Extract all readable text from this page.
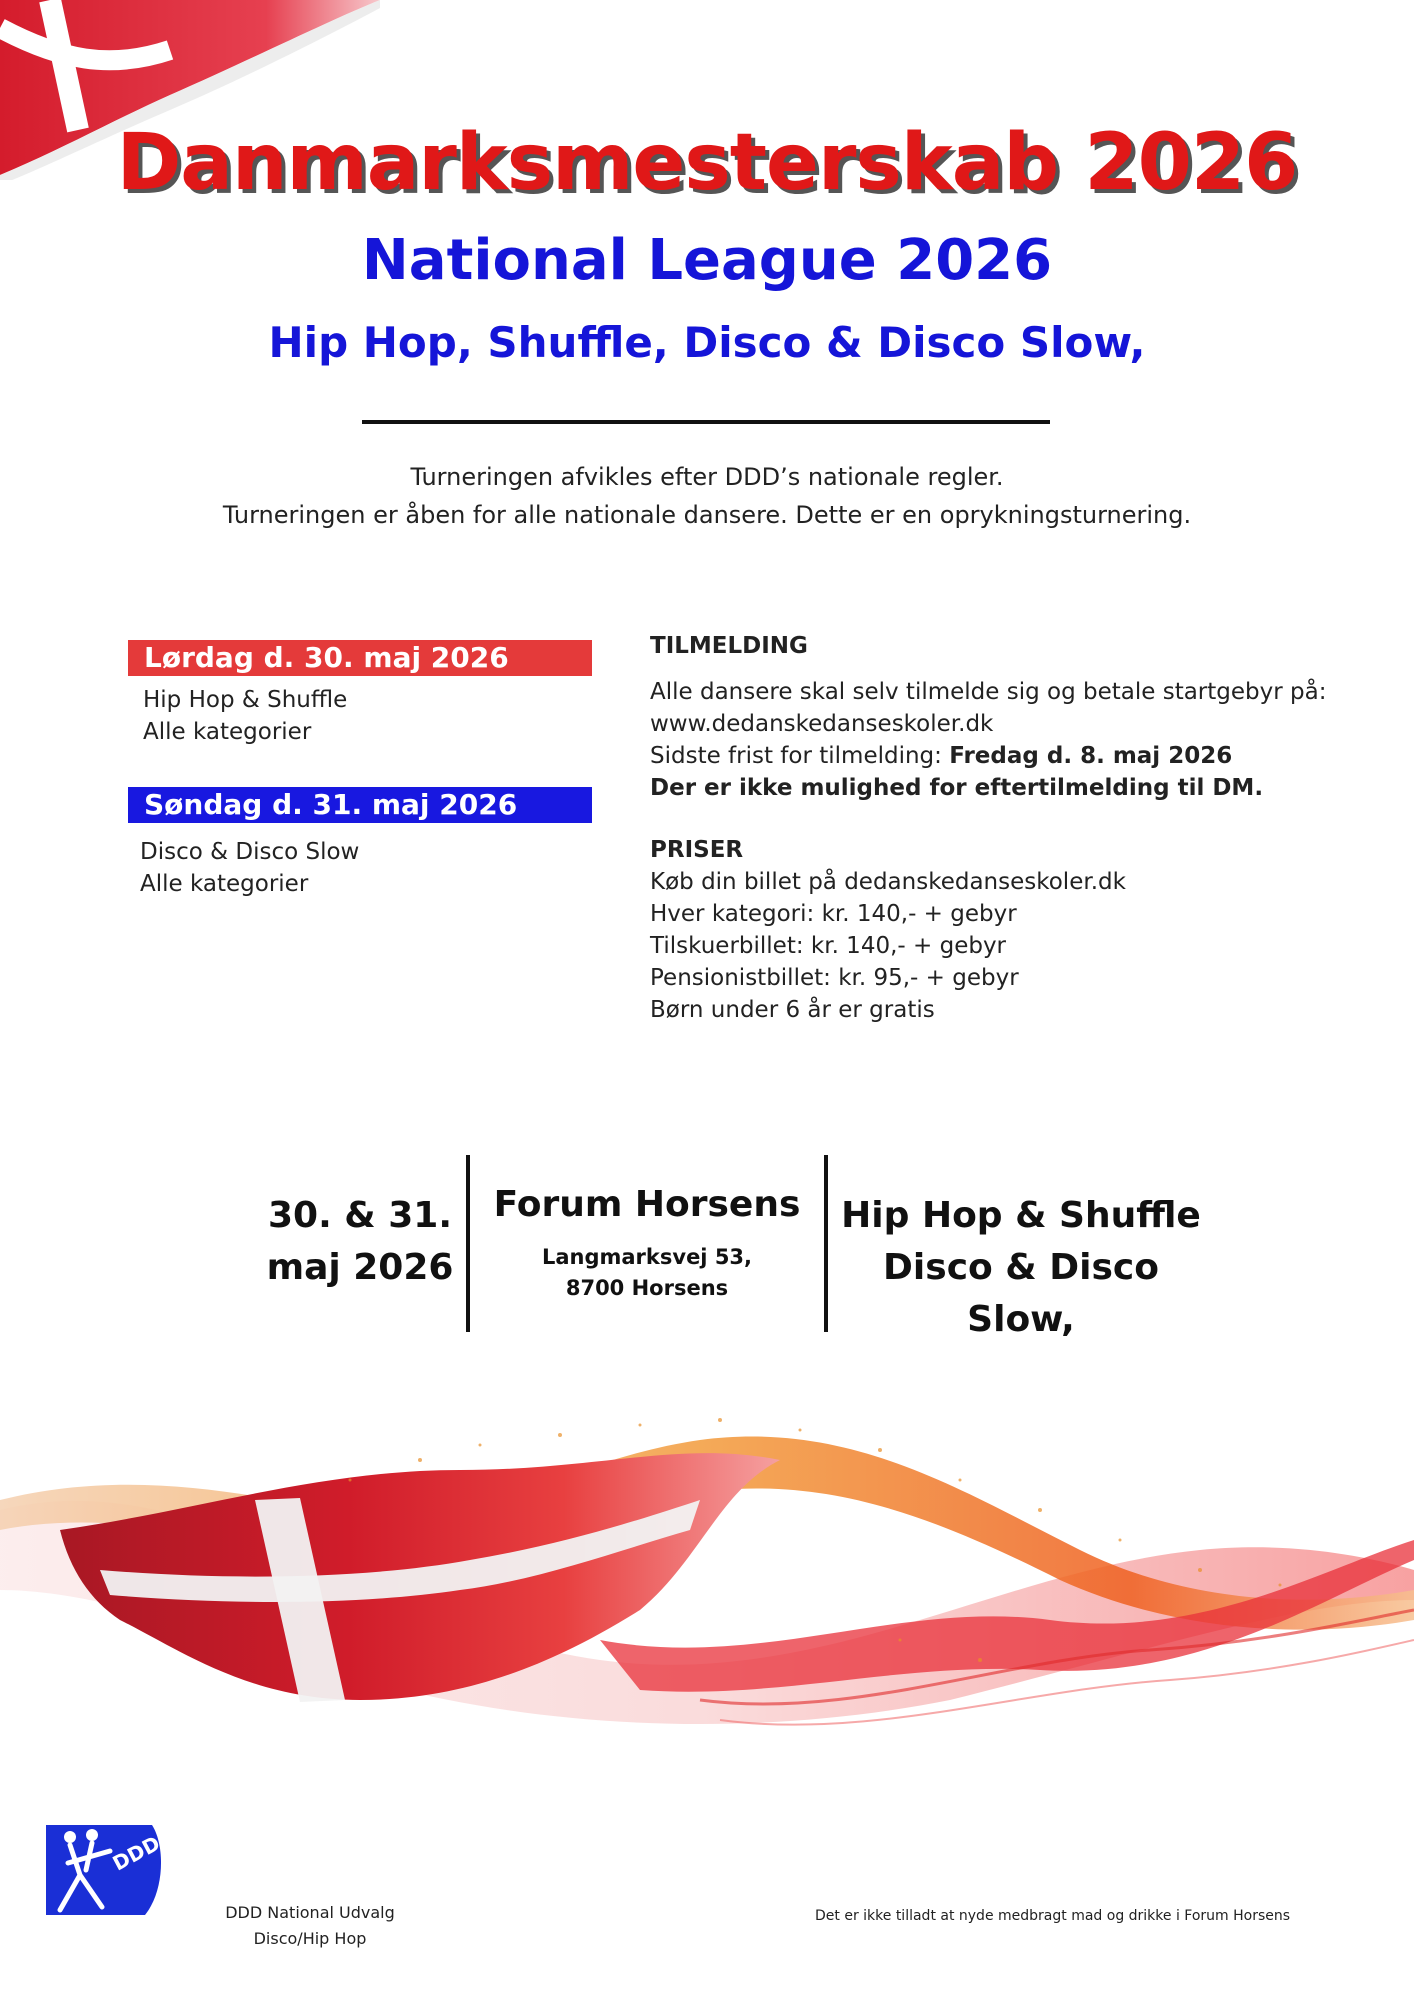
Danmarksmesterskab 2026
National League 2026
Hip Hop, Shuffle, Disco & Disco Slow,
Turneringen afvikles efter DDD’s nationale regler.
Turneringen er åben for alle nationale dansere. Dette er en oprykningsturnering.
Lørdag d. 30. maj 2026
Hip Hop & Shuffle
Alle kategorier
Søndag d. 31. maj 2026
Disco & Disco Slow
Alle kategorier
TILMELDING
Alle dansere skal selv tilmelde sig og betale startgebyr på:
www.dedanskedanseskoler.dk
Sidste frist for tilmelding: Fredag d. 8. maj 2026
Der er ikke mulighed for eftertilmelding til DM.
PRISER
Køb din billet på dedanskedanseskoler.dk
Hver kategori: kr. 140,- + gebyr
Tilskuerbillet: kr. 140,- + gebyr
Pensionistbillet: kr. 95,- + gebyr
Børn under 6 år er gratis
30. & 31.
maj 2026
Forum Horsens
Langmarksvej 53,
8700 Horsens
Hip Hop & Shuffle
Disco & Disco Slow,
DDD
DDD National Udvalg
Disco/Hip Hop
Det er ikke tilladt at nyde medbragt mad og drikke i Forum Horsens
